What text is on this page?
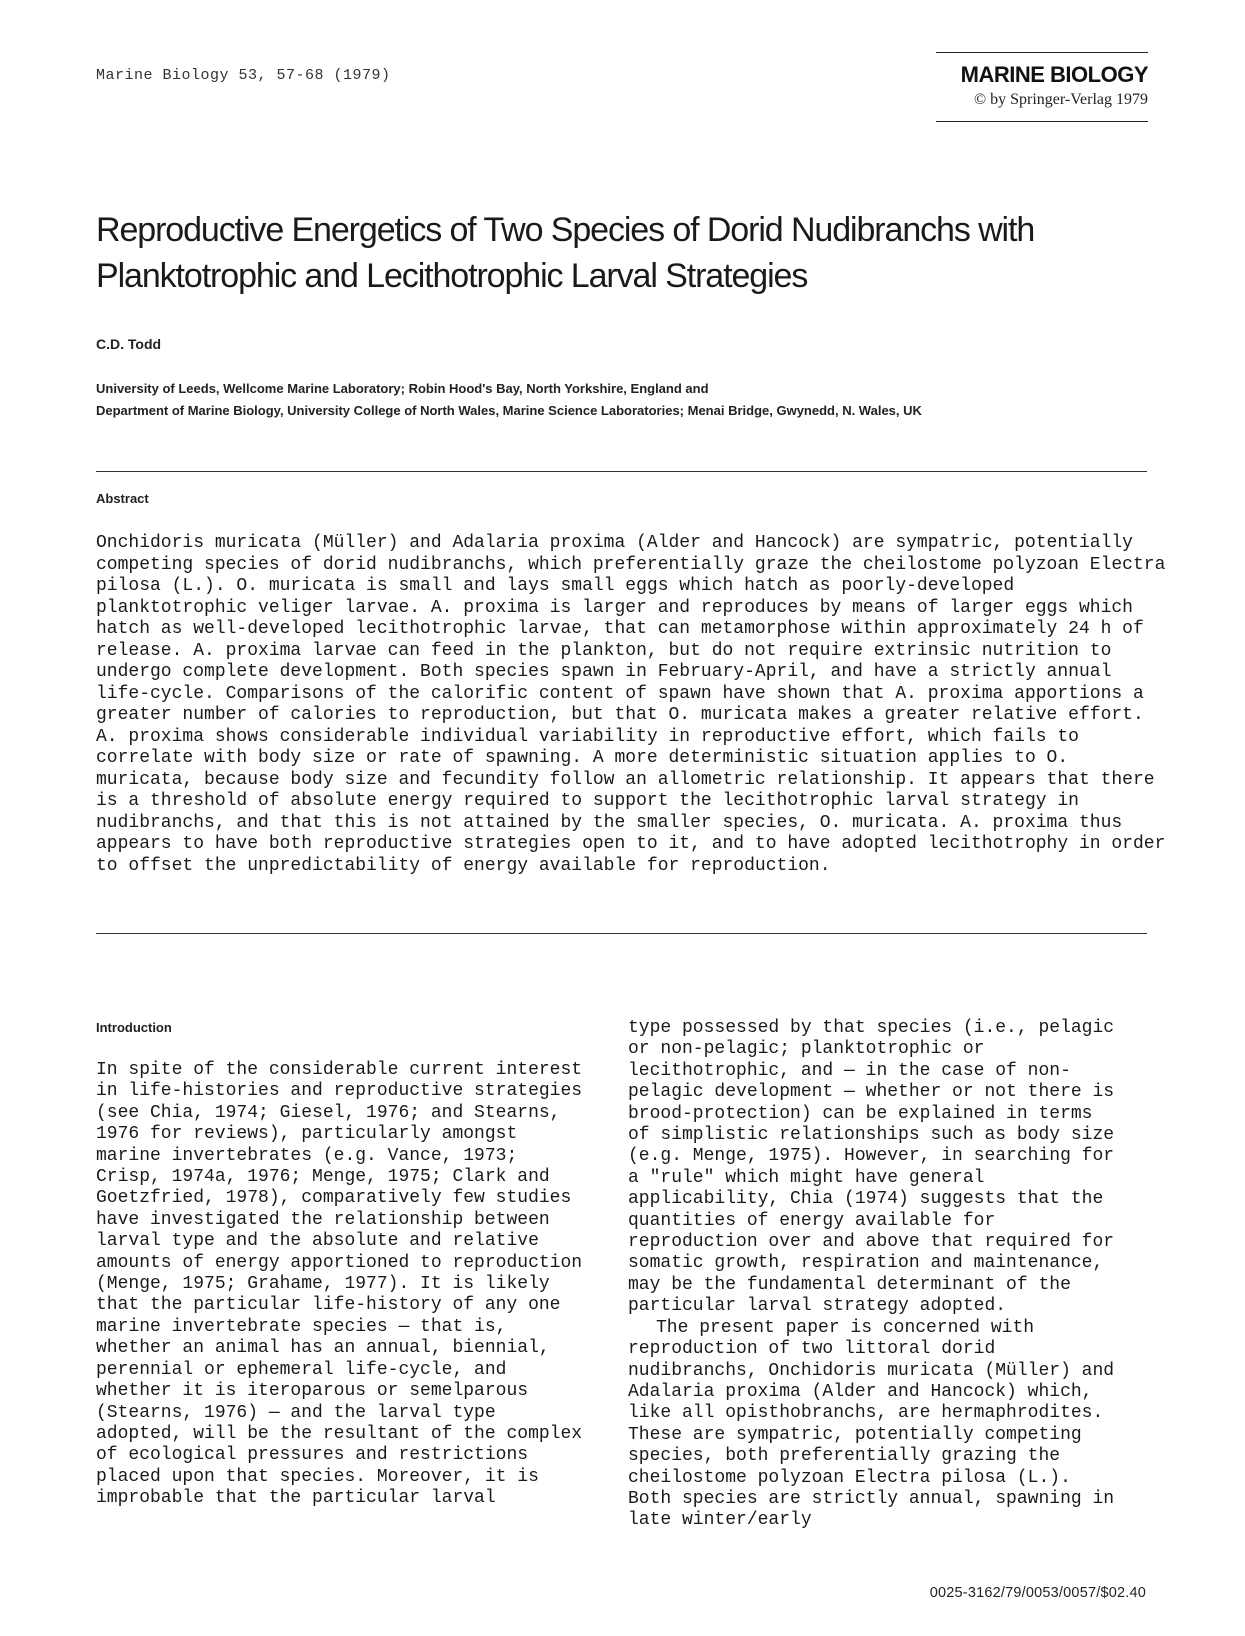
Marine Biology 53, 57-68 (1979)	MARINE BIOLOGY
© by Springer-Verlag 1979
Reproductive Energetics of Two Species of Dorid Nudibranchs with Planktotrophic and Lecithotrophic Larval Strategies
C.D. Todd
University of Leeds, Wellcome Marine Laboratory; Robin Hood's Bay, North Yorkshire, England and
Department of Marine Biology, University College of North Wales, Marine Science Laboratories; Menai Bridge, Gwynedd, N. Wales, UK
Abstract
Onchidoris muricata (Müller) and Adalaria proxima (Alder and Hancock) are sympatric, potentially competing species of dorid nudibranchs, which preferentially graze the cheilostome polyzoan Electra pilosa (L.). O. muricata is small and lays small eggs which hatch as poorly-developed planktotrophic veliger larvae. A. proxima is larger and reproduces by means of larger eggs which hatch as well-developed lecithotrophic larvae, that can metamorphose within approximately 24 h of release. A. proxima larvae can feed in the plankton, but do not require extrinsic nutrition to undergo complete development. Both species spawn in February-April, and have a strictly annual life-cycle. Comparisons of the calorific content of spawn have shown that A. proxima apportions a greater number of calories to reproduction, but that O. muricata makes a greater relative effort. A. proxima shows considerable individual variability in reproductive effort, which fails to correlate with body size or rate of spawning. A more deterministic situation applies to O. muricata, because body size and fecundity follow an allometric relationship. It appears that there is a threshold of absolute energy required to support the lecithotrophic larval strategy in nudibranchs, and that this is not attained by the smaller species, O. muricata. A. proxima thus appears to have both reproductive strategies open to it, and to have adopted lecithotrophy in order to offset the unpredictability of energy available for reproduction.
Introduction

In spite of the considerable current interest in life-histories and reproductive strategies (see Chia, 1974; Giesel, 1976; and Stearns, 1976 for reviews), particularly amongst marine invertebrates (e.g. Vance, 1973; Crisp, 1974a, 1976; Menge, 1975; Clark and Goetzfried, 1978), comparatively few studies have investigated the relationship between larval type and the absolute and relative amounts of energy apportioned to reproduction (Menge, 1975; Grahame, 1977). It is likely that the particular life-history of any one marine invertebrate species — that is, whether an animal has an annual, biennial, perennial or ephemeral life-cycle, and whether it is iteroparous or semelparous (Stearns, 1976) — and the larval type adopted, will be the resultant of the complex of ecological pressures and restrictions placed upon that species. Moreover, it is improbable that the particular larval

type possessed by that species (i.e., pelagic or non-pelagic; planktotrophic or lecithotrophic, and — in the case of non-pelagic development — whether or not there is brood-protection) can be explained in terms of simplistic relationships such as body size (e.g. Menge, 1975). However, in searching for a "rule" which might have general applicability, Chia (1974) suggests that the quantities of energy available for reproduction over and above that required for somatic growth, respiration and maintenance, may be the fundamental determinant of the particular larval strategy adopted.

The present paper is concerned with reproduction of two littoral dorid nudibranchs, Onchidoris muricata (Müller) and Adalaria proxima (Alder and Hancock) which, like all opisthobranchs, are hermaphrodites. These are sympatric, potentially competing species, both preferentially grazing the cheilostome polyzoan Electra pilosa (L.). Both species are strictly annual, spawning in late winter/early

0025-3162/79/0053/0057/$02.40
